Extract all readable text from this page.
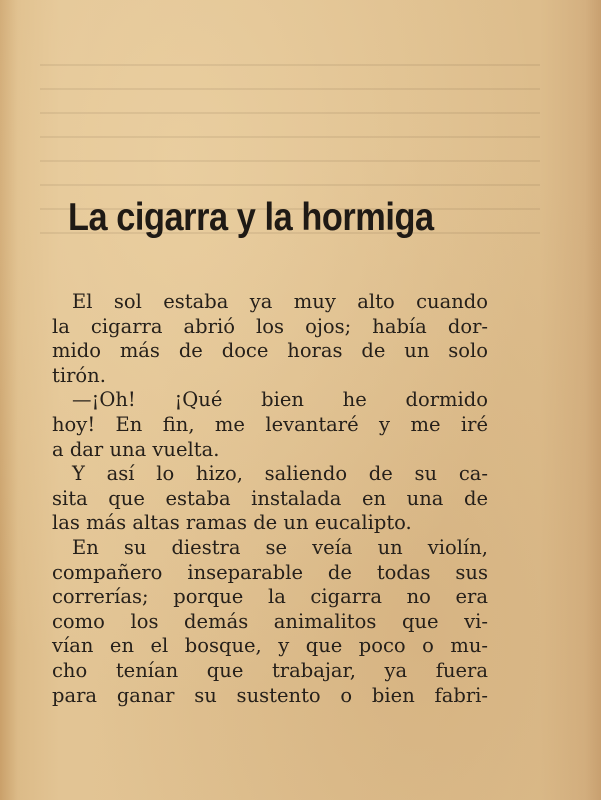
La cigarra y la hormiga
El sol estaba ya muy alto cuando
la cigarra abrió los ojos; había dor-
mido más de doce horas de un solo
tirón.
—¡Oh! ¡Qué bien he dormido
hoy! En fin, me levantaré y me iré
a dar una vuelta.
Y así lo hizo, saliendo de su ca-
sita que estaba instalada en una de
las más altas ramas de un eucalipto.
En su diestra se veía un violín,
compañero inseparable de todas sus
correrías; porque la cigarra no era
como los demás animalitos que vi-
vían en el bosque, y que poco o mu-
cho tenían que trabajar, ya fuera
para ganar su sustento o bien fabri-
